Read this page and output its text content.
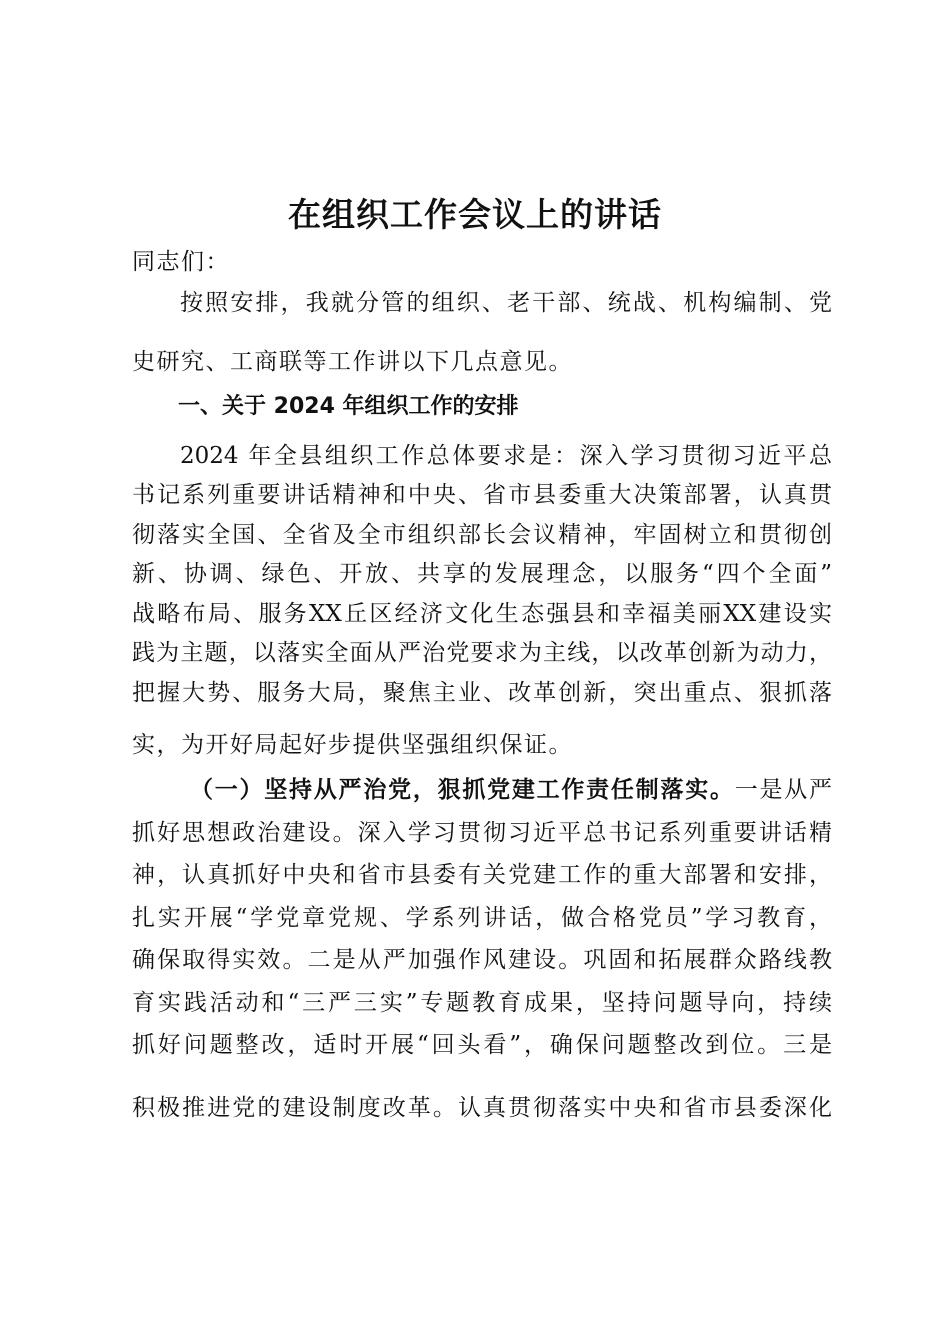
在组织工作会议上的讲话
同志们：
按照安排，我就分管的组织、老干部、统战、机构编制、党
史研究、工商联等工作讲以下几点意见。
一、关于 2024 年组织工作的安排
2024 年全县组织工作总体要求是：深入学习贯彻习近平总
书记系列重要讲话精神和中央、省市县委重大决策部署，认真贯
彻落实全国、全省及全市组织部长会议精神，牢固树立和贯彻创
新、协调、绿色、开放、共享的发展理念，以服务“四个全面”
战略布局、服务XX丘区经济文化生态强县和幸福美丽XX建设实
践为主题，以落实全面从严治党要求为主线，以改革创新为动力，
把握大势、服务大局，聚焦主业、改革创新，突出重点、狠抓落
实，为开好局起好步提供坚强组织保证。
（一）坚持从严治党，狠抓党建工作责任制落实。一是从严
抓好思想政治建设。深入学习贯彻习近平总书记系列重要讲话精
神，认真抓好中央和省市县委有关党建工作的重大部署和安排，
扎实开展“学党章党规、学系列讲话，做合格党员”学习教育，
确保取得实效。二是从严加强作风建设。巩固和拓展群众路线教
育实践活动和“三严三实”专题教育成果，坚持问题导向，持续
抓好问题整改，适时开展“回头看”，确保问题整改到位。三是
积极推进党的建设制度改革。认真贯彻落实中央和省市县委深化
